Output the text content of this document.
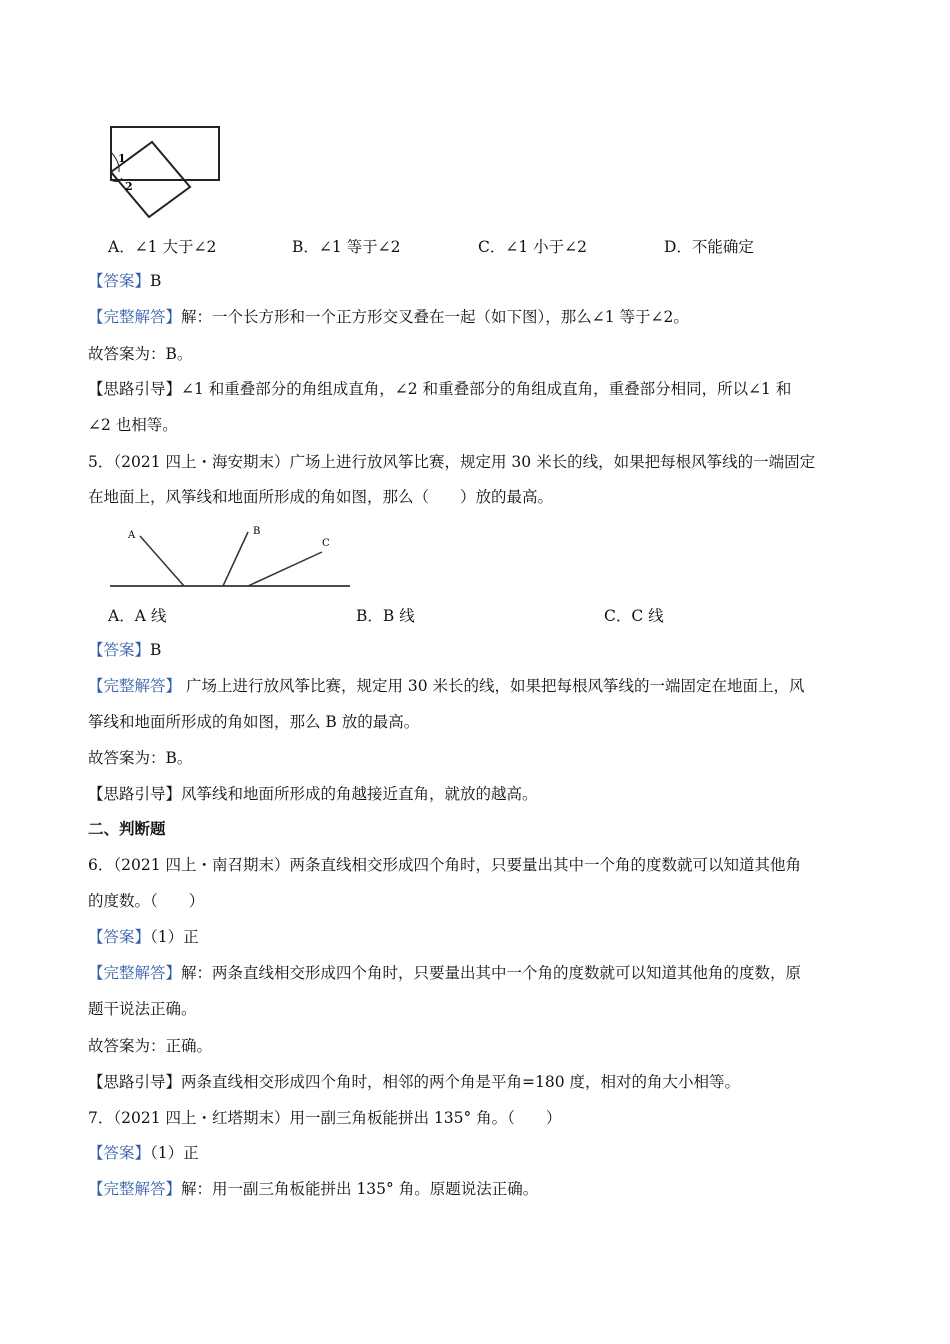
1
2
A．∠1 大于∠2	B．∠1 等于∠2	C．∠1 小于∠2	D．不能确定
【答案】B
【完整解答】解：一个长方形和一个正方形交叉叠在一起（如下图），那么∠1 等于∠2。
故答案为：B。
【思路引导】∠1 和重叠部分的角组成直角，∠2 和重叠部分的角组成直角，重叠部分相同，所以∠1 和
∠2 也相等。
5．（2021 四上・海安期末）广场上进行放风筝比赛，规定用 30 米长的线，如果把每根风筝线的一端固定
在地面上，风筝线和地面所形成的角如图，那么（　　）放的最高。
A	B
C
A．A 线	B．B 线	C．C 线
【答案】B
【完整解答】 广场上进行放风筝比赛，规定用 30 米长的线，如果把每根风筝线的一端固定在地面上，风
筝线和地面所形成的角如图，那么 B 放的最高。
故答案为：B。
【思路引导】风筝线和地面所形成的角越接近直角，就放的越高。
二、判断题
6．（2021 四上・南召期末）两条直线相交形成四个角时，只要量出其中一个角的度数就可以知道其他角
的度数。（　　）
【答案】（1）正
【完整解答】解：两条直线相交形成四个角时，只要量出其中一个角的度数就可以知道其他角的度数，原
题干说法正确。
故答案为：正确。
【思路引导】两条直线相交形成四个角时，相邻的两个角是平角=180 度，相对的角大小相等。
7．（2021 四上・红塔期末）用一副三角板能拼出 135° 角。（　　）
【答案】（1）正
【完整解答】解：用一副三角板能拼出 135° 角。原题说法正确。
